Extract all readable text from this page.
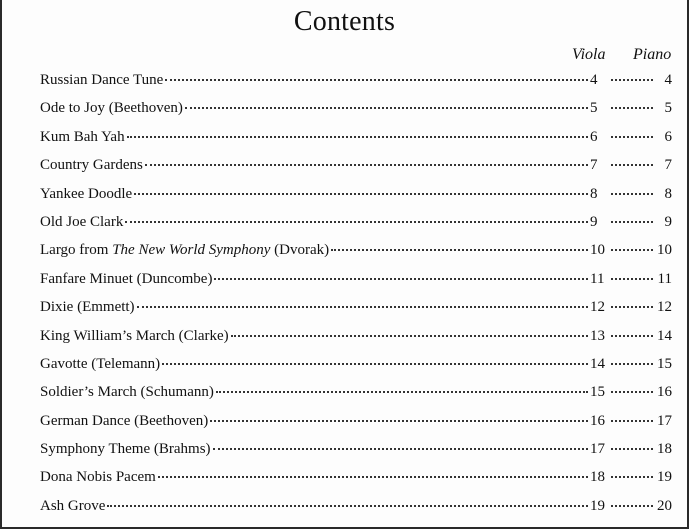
Contents
Viola Piano
Russian Dance Tune	4	4
Ode to Joy (Beethoven)	5	5
Kum Bah Yah	6	6
Country Gardens	7	7
Yankee Doodle	8	8
Old Joe Clark	9	9
Largo from The New World Symphony (Dvorak)	10	10
Fanfare Minuet (Duncombe)	11	11
Dixie (Emmett)	12	12
King William’s March (Clarke)	13	14
Gavotte (Telemann)	14	15
Soldier’s March (Schumann)	15	16
German Dance (Beethoven)	16	17
Symphony Theme (Brahms)	17	18
Dona Nobis Pacem	18	19
Ash Grove	19	20
